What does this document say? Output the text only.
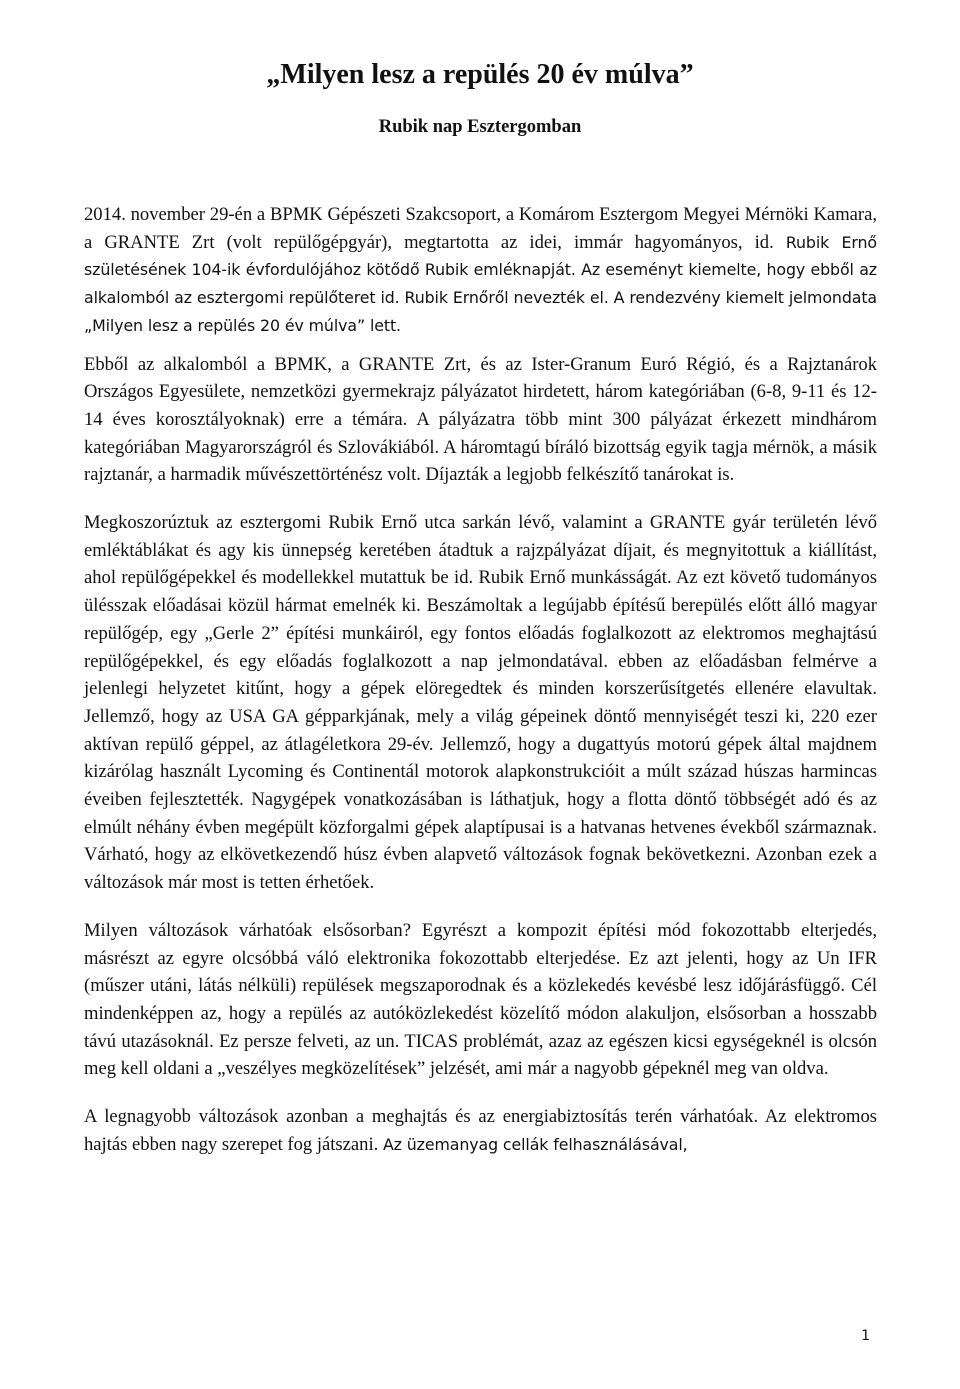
„Milyen lesz a repülés 20 év múlva”
Rubik nap Esztergomban

2014. november 29-én a BPMK Gépészeti Szakcsoport, a Komárom Esztergom Megyei Mérnöki Kamara, a GRANTE Zrt (volt repülőgépgyár), megtartotta az idei, immár hagyományos, id. Rubik Ernő születésének 104-ik évfordulójához kötődő Rubik emléknapját. Az eseményt kiemelte, hogy ebből az alkalomból az esztergomi repülőteret id. Rubik Ernőről nevezték el. A rendezvény kiemelt jelmondata „Milyen lesz a repülés 20 év múlva” lett.

Ebből az alkalomból a BPMK, a GRANTE Zrt, és az Ister-Granum Euró Régió, és a Rajztanárok Országos Egyesülete, nemzetközi gyermekrajz pályázatot hirdetett, három kategóriában (6-8, 9-11 és 12-14 éves korosztályoknak) erre a témára. A pályázatra több mint 300 pályázat érkezett mindhárom kategóriában Magyarországról és Szlovákiából. A háromtagú bíráló bizottság egyik tagja mérnök, a másik rajztanár, a harmadik művészettörténész volt. Díjazták a legjobb felkészítő tanárokat is.

Megkoszorúztuk az esztergomi Rubik Ernő utca sarkán lévő, valamint a GRANTE gyár területén lévő emléktáblákat és agy kis ünnepség keretében átadtuk a rajzpályázat díjait, és megnyitottuk a kiállítást, ahol repülőgépekkel és modellekkel mutattuk be id. Rubik Ernő munkásságát. Az ezt követő tudományos ülésszak előadásai közül hármat emelnék ki. Beszámoltak a legújabb építésű berepülés előtt álló magyar repülőgép, egy „Gerle 2” építési munkáiról, egy fontos előadás foglalkozott az elektromos meghajtású repülőgépekkel, és egy előadás foglalkozott a nap jelmondatával. ebben az előadásban felmérve a jelenlegi helyzetet kitűnt, hogy a gépek elöregedtek és minden korszerűsítgetés ellenére elavultak. Jellemző, hogy az USA GA gépparkjának, mely a világ gépeinek döntő mennyiségét teszi ki, 220 ezer aktívan repülő géppel, az átlagéletkora 29-év. Jellemző, hogy a dugattyús motorú gépek által majdnem kizárólag használt Lycoming és Continentál motorok alapkonstrukcióit a múlt század húszas harmincas éveiben fejlesztették. Nagygépek vonatkozásában is láthatjuk, hogy a flotta döntő többségét adó és az elmúlt néhány évben megépült közforgalmi gépek alaptípusai is a hatvanas hetvenes évekből származnak. Várható, hogy az elkövetkezendő húsz évben alapvető változások fognak bekövetkezni. Azonban ezek a változások már most is tetten érhetőek.

Milyen változások várhatóak elsősorban? Egyrészt a kompozit építési mód fokozottabb elterjedés, másrészt az egyre olcsóbbá váló elektronika fokozottabb elterjedése. Ez azt jelenti, hogy az Un IFR (műszer utáni, látás nélküli) repülések megszaporodnak és a közlekedés kevésbé lesz időjárásfüggő. Cél mindenképpen az, hogy a repülés az autóközlekedést közelítő módon alakuljon, elsősorban a hosszabb távú utazásoknál. Ez persze felveti, az un. TICAS problémát, azaz az egészen kicsi egységeknél is olcsón meg kell oldani a „veszélyes megközelítések” jelzését, ami már a nagyobb gépeknél meg van oldva.

A legnagyobb változások azonban a meghajtás és az energiabiztosítás terén várhatóak. Az elektromos hajtás ebben nagy szerepet fog játszani. Az üzemanyag cellák felhasználásával,

1
